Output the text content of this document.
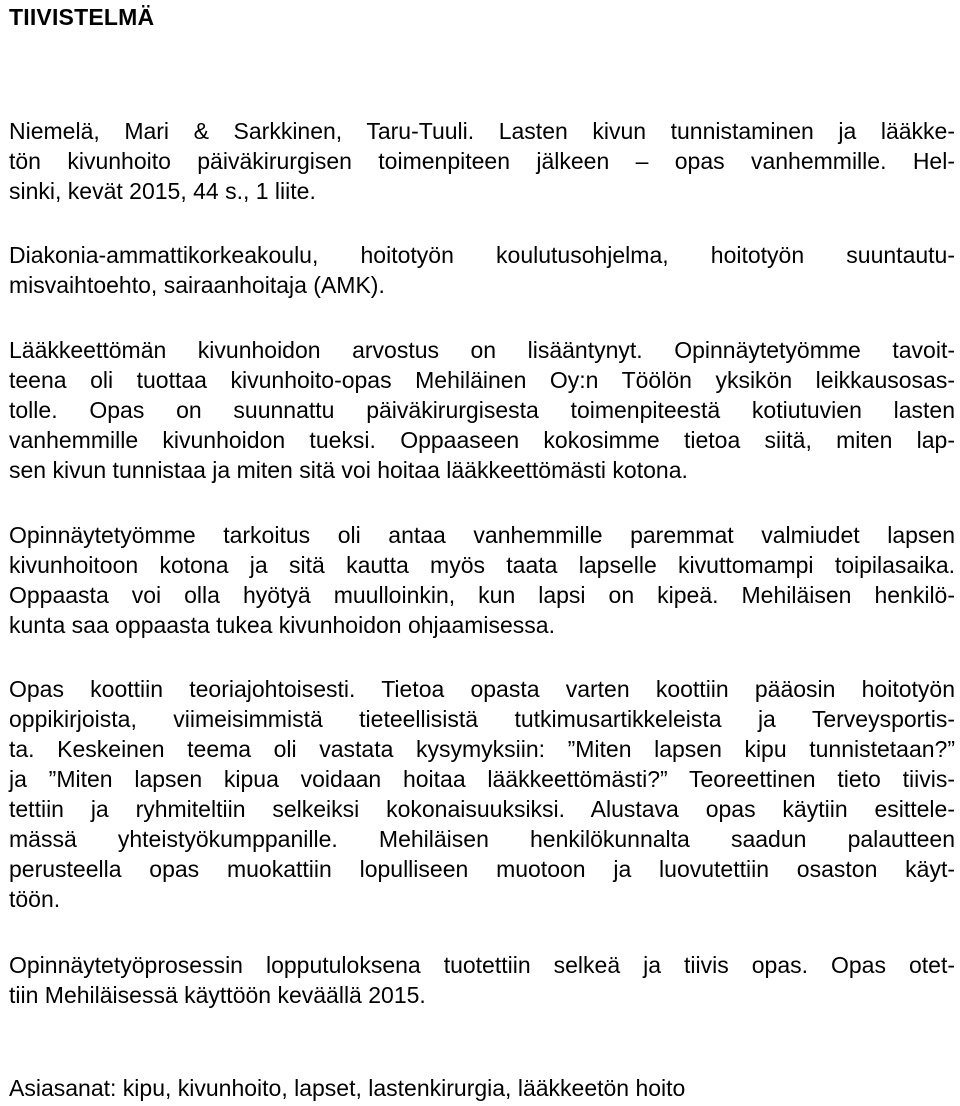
TIIVISTELMÄ

Niemelä, Mari & Sarkkinen, Taru-Tuuli. Lasten kivun tunnistaminen ja lääkke-

tön kivunhoito päiväkirurgisen toimenpiteen jälkeen – opas vanhemmille. Hel-

sinki, kevät 2015, 44 s., 1 liite.

Diakonia-ammattikorkeakoulu, hoitotyön koulutusohjelma, hoitotyön suuntautu-

misvaihtoehto, sairaanhoitaja (AMK).

Lääkkeettömän kivunhoidon arvostus on lisääntynyt. Opinnäytetyömme tavoit-

teena oli tuottaa kivunhoito-opas Mehiläinen Oy:n Töölön yksikön leikkausosas-

tolle. Opas on suunnattu päiväkirurgisesta toimenpiteestä kotiutuvien lasten

vanhemmille kivunhoidon tueksi. Oppaaseen kokosimme tietoa siitä, miten lap-

sen kivun tunnistaa ja miten sitä voi hoitaa lääkkeettömästi kotona.

Opinnäytetyömme tarkoitus oli antaa vanhemmille paremmat valmiudet lapsen

kivunhoitoon kotona ja sitä kautta myös taata lapselle kivuttomampi toipilasaika.

Oppaasta voi olla hyötyä muulloinkin, kun lapsi on kipeä. Mehiläisen henkilö-

kunta saa oppaasta tukea kivunhoidon ohjaamisessa.

Opas koottiin teoriajohtoisesti. Tietoa opasta varten koottiin pääosin hoitotyön

oppikirjoista, viimeisimmistä tieteellisistä tutkimusartikkeleista ja Terveysportis-

ta. Keskeinen teema oli vastata kysymyksiin: ”Miten lapsen kipu tunnistetaan?”

ja ”Miten lapsen kipua voidaan hoitaa lääkkeettömästi?” Teoreettinen tieto tiivis-

tettiin ja ryhmiteltiin selkeiksi kokonaisuuksiksi. Alustava opas käytiin esittele-

mässä yhteistyökumppanille. Mehiläisen henkilökunnalta saadun palautteen

perusteella opas muokattiin lopulliseen muotoon ja luovutettiin osaston käyt-

töön.

Opinnäytetyöprosessin lopputuloksena tuotettiin selkeä ja tiivis opas. Opas otet-

tiin Mehiläisessä käyttöön keväällä 2015.

Asiasanat: kipu, kivunhoito, lapset, lastenkirurgia, lääkkeetön hoito
